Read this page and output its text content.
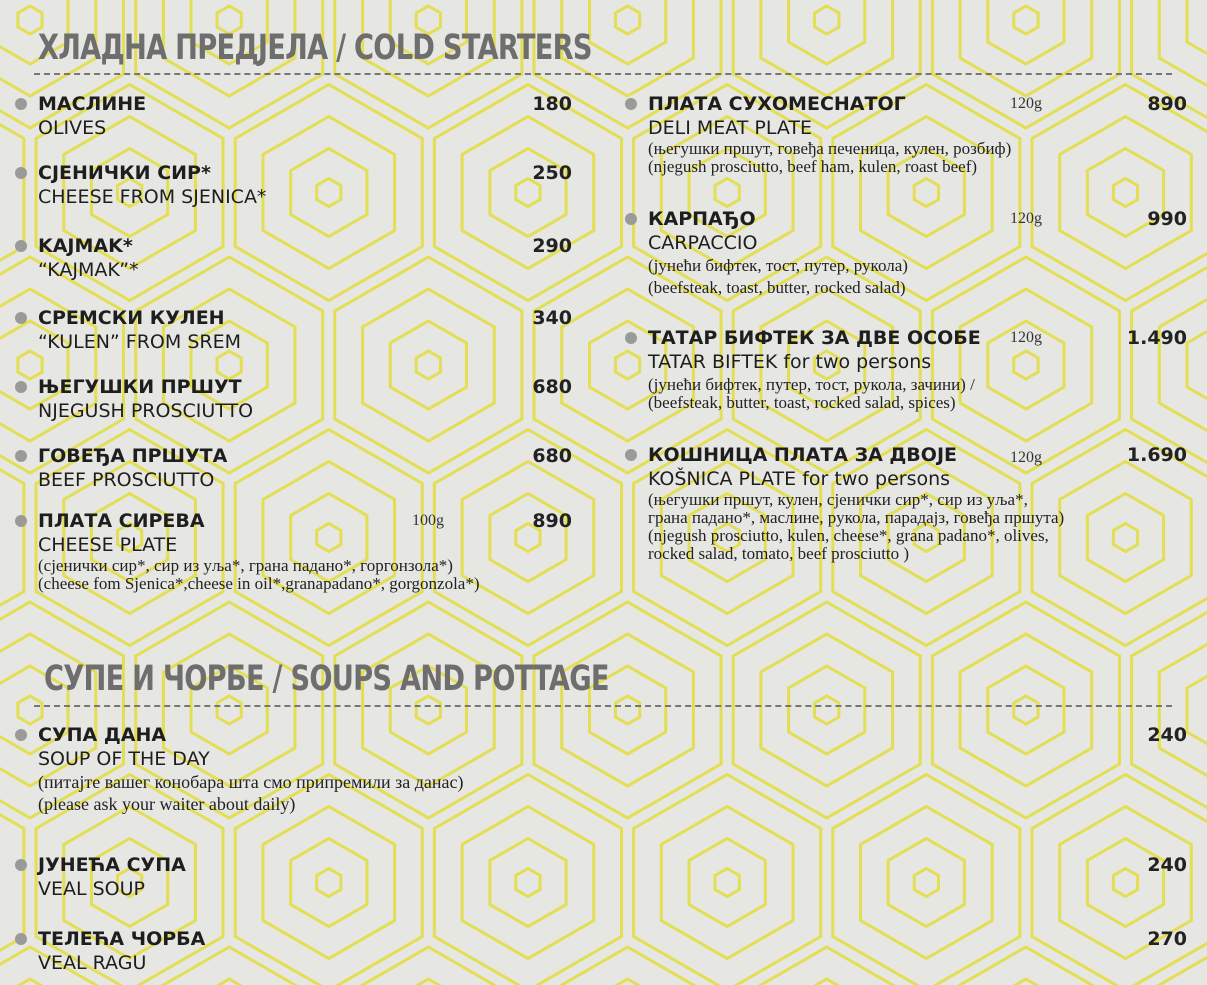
ХЛАДНА ПРЕДЈЕЛА / COLD STARTERS
МАСЛИНЕ
OLIVES
180
СЈЕНИЧКИ СИР*
CHEESE FROM SJENICA*
250
KAJMAK*
“KAJMAK”*
290
СРЕМСКИ КУЛЕН
“KULEN” FROM SREM
340
ЊЕГУШКИ ПРШУТ
NJEGUSH PROSCIUTTO
680
ГОВЕЂА ПРШУТА
BEEF PROSCIUTTO
680
ПЛАТА СИРЕВА
CHEESE PLATE
(сјенички сир*, сир из уља*, грана падано*, горгонзола*)
(cheese fom Sjenica*,cheese in oil*,granapadano*, gorgonzola*)
100g	890
ПЛАТА СУХОМЕСНАТОГ
DELI MEAT PLATE
(његушки пршут, говеђа печеница, кулен, розбиф)
(njegush prosciutto, beef ham, kulen, roast beef)
120g	890
КАРПАЂО
CARPACCIO
(јунећи бифтек, тост, путер, рукола)
(beefsteak, toast, butter, rocked salad)
120g	990
ТАТАР БИФТЕК ЗА ДВЕ ОСОБЕ
TATAR BIFTEK for two persons
(јунећи бифтек, путер, тост, рукола, зачини) /
(beefsteak, butter, toast, rocked salad, spices)
120g	1.490
КОШНИЦА ПЛАТА ЗА ДВОЈЕ
KOŠNICA PLATE for two persons
(његушки пршут, кулен, сјенички сир*, сир из уља*,
грана падано*, маслине, рукола, парадајз, говеђа пршута)
(njegush prosciutto, kulen, cheese*, grana padano*, olives,
rocked salad, tomato, beef prosciutto )
120g	1.690
СУПЕ И ЧОРБЕ / SOUPS AND POTTAGE
СУПА ДАНА
SOUP OF THE DAY
(питајте вашег конобара шта смо припремили за данас)
(please ask your waiter about daily)
240
ЈУНЕЋА СУПА
VEAL SOUP
240
ТЕЛЕЋА ЧОРБА
VEAL RAGU
270
